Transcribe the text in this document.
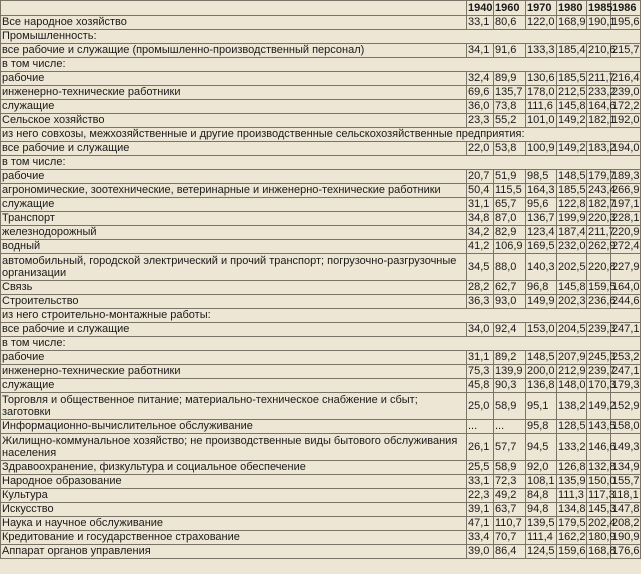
	1940	1960	1970	1980	1985	1986
Все народное хозяйство	33,1	80,6	122,0	168,9	190,1	195,6
Промышленность:						
все рабочие и служащие (промышленно-производственный персонал)	34,1	91,6	133,3	185,4	210,6	215,7
в том числе:						
рабочие	32,4	89,9	130,6	185,5	211,7	216,4
инженерно-технические работники	69,6	135,7	178,0	212,5	233,2	239,0
служащие	36,0	73,8	111,6	145,8	164,6	172,2
Сельское хозяйство	23,3	55,2	101,0	149,2	182,1	192,0
из него совхозы, межхозяйственные и другие производственные сельскохозяйственные предприятия:						
все рабочие и служащие	22,0	53,8	100,9	149,2	183,2	194,0
в том числе:						
рабочие	20,7	51,9	98,5	148,5	179,7	189,3
агрономические, зоотехнические, ветеринарные и инженерно-технические работники	50,4	115,5	164,3	185,5	243,4	266,9
служащие	31,1	65,7	95,6	122,8	182,7	197,1
Транспорт	34,8	87,0	136,7	199,9	220,3	228,1
железнодорожный	34,2	82,9	123,4	187,4	211,7	220,9
водный	41,2	106,9	169,5	232,0	262,9	272,4
автомобильный, городской электрический и прочий транспорт; погрузочно-разгрузочные организации	34,5	88,0	140,3	202,5	220,8	227,9
Связь	28,2	62,7	96,8	145,8	159,5	164,0
Строительство	36,3	93,0	149,9	202,3	236,6	244,6
из него строительно-монтажные работы:						
все рабочие и служащие	34,0	92,4	153,0	204,5	239,3	247,1
в том числе:						
рабочие	31,1	89,2	148,5	207,9	245,3	253,2
инженерно-технические работники	75,3	139,9	200,0	212,9	239,7	247,1
служащие	45,8	90,3	136,8	148,0	170,3	179,3
Торговля и общественное питание; материально-техническое снабжение и сбыт; заготовки	25,0	58,9	95,1	138,2	149,2	152,9
Информационно-вычислительное обслуживание	...	...	95,8	128,5	143,5	158,0
Жилищно-коммунальное хозяйство; не производственные виды бытового обслуживания населения	26,1	57,7	94,5	133,2	146,6	149,3
Здравоохранение, физкультура и социальное обеспечение	25,5	58,9	92,0	126,8	132,8	134,9
Народное образование	33,1	72,3	108,1	135,9	150,0	155,7
Культура	22,3	49,2	84,8	111,3	117,3	118,1
Искусство	39,1	63,7	94,8	134,8	145,3	147,8
Наука и научное обслуживание	47,1	110,7	139,5	179,5	202,4	208,2
Кредитование и государственное страхование	33,4	70,7	111,4	162,2	180,9	190,9
Аппарат органов управления	39,0	86,4	124,5	159,6	168,8	176,6
